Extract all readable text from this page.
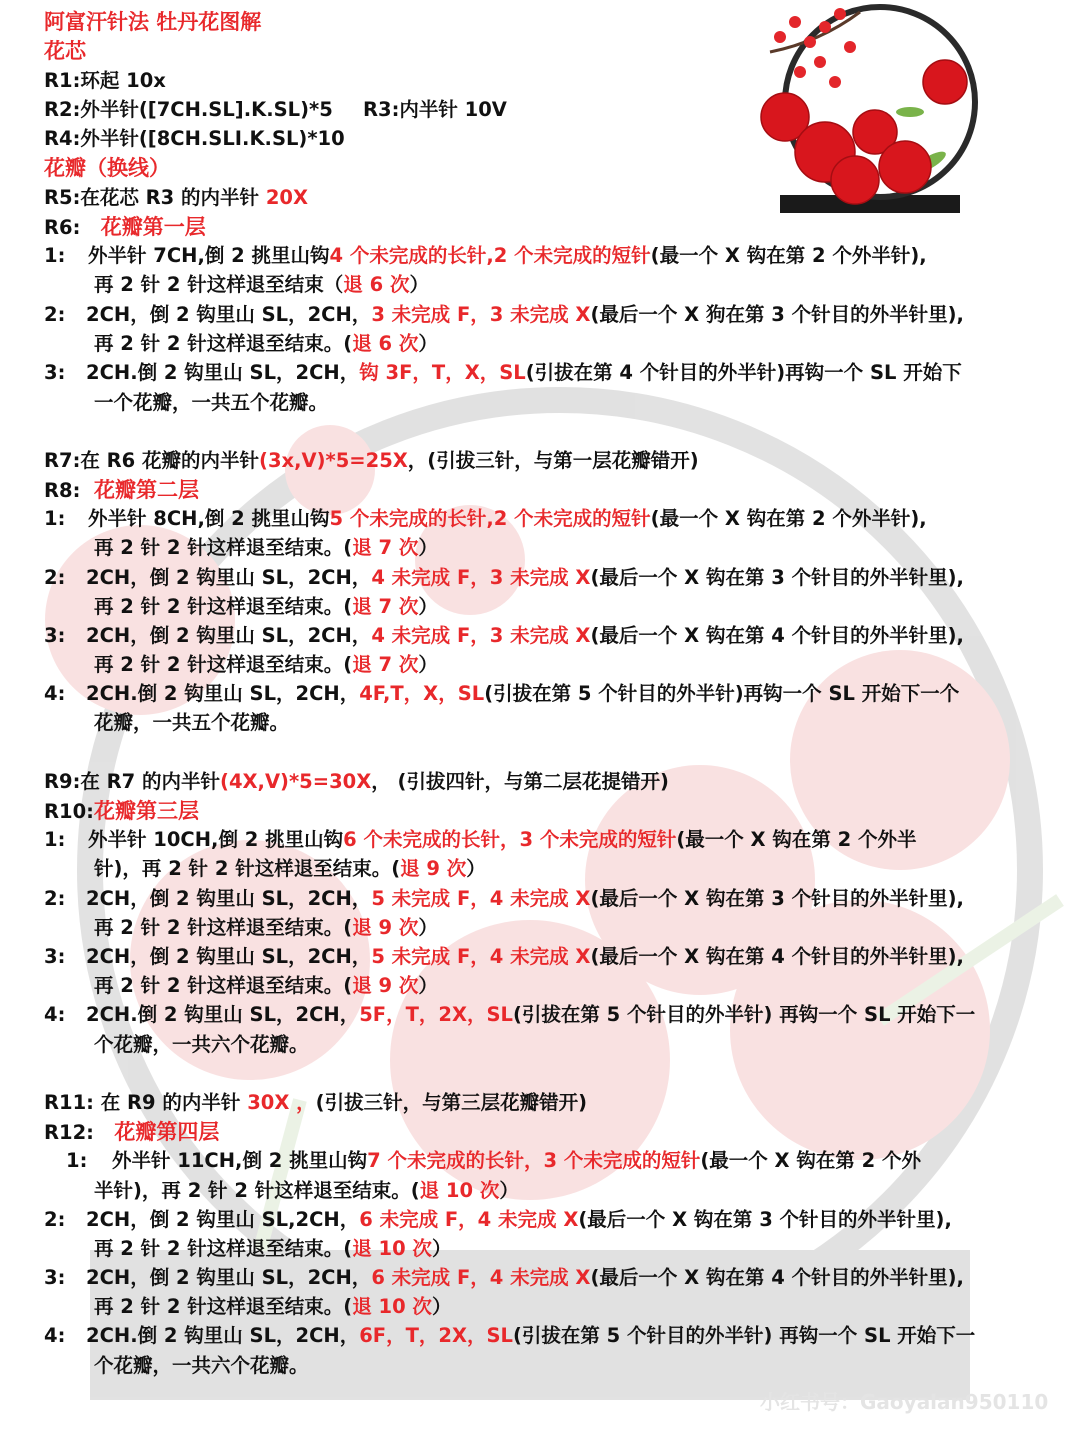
阿富汗针法 牡丹花图解
花芯
R1:环起 10x
R2:外半针([7CH.SL].K.SL)*5 R3:内半针 10V
R4:外半针([8CH.SLI.K.SL)*10
花瓣（换线）
R5:在花芯 R3 的内半针 20X
R6: 花瓣第一层
1: 外半针 7CH,倒 2 挑里山钩4 个未完成的长针,2 个未完成的短针(最一个 X 钩在第 2 个外半针),
再 2 针 2 针这样退至结束（退 6 次）
2: 2CH，倒 2 钩里山 SL，2CH，3 未完成 F，3 未完成 X(最后一个 X 狗在第 3 个针目的外半针里),
再 2 针 2 针这样退至结束。(退 6 次）
3: 2CH.倒 2 钩里山 SL，2CH，钩 3F，T，X，SL(引拔在第 4 个针目的外半针)再钩一个 SL 开始下
一个花瓣，一共五个花瓣。
R7:在 R6 花瓣的内半针(3x,V)*5=25X，(引拔三针，与第一层花瓣错开)
R8: 花瓣第二层
1: 外半针 8CH,倒 2 挑里山钩5 个未完成的长针,2 个未完成的短针(最一个 X 钩在第 2 个外半针),
再 2 针 2 针这样退至结束。(退 7 次）
2: 2CH，倒 2 钩里山 SL，2CH，4 未完成 F，3 未完成 X(最后一个 X 钩在第 3 个针目的外半针里),
再 2 针 2 针这样退至结束。(退 7 次）
3: 2CH，倒 2 钩里山 SL，2CH，4 未完成 F，3 未完成 X(最后一个 X 钩在第 4 个针目的外半针里),
再 2 针 2 针这样退至结束。(退 7 次）
4: 2CH.倒 2 钩里山 SL，2CH，4F,T，X，SL(引拔在第 5 个针目的外半针)再钩一个 SL 开始下一个
花瓣，一共五个花瓣。
R9:在 R7 的内半针(4X,V)*5=30X， (引拔四针，与第二层花提错开)
R10:花瓣第三层
1: 外半针 10CH,倒 2 挑里山钩6 个未完成的长针，3 个未完成的短针(最一个 X 钩在第 2 个外半
针)，再 2 针 2 针这样退至结束。(退 9 次）
2: 2CH，倒 2 钩里山 SL，2CH，5 未完成 F，4 未完成 X(最后一个 X 钩在第 3 个针目的外半针里),
再 2 针 2 针这样退至结束。(退 9 次）
3: 2CH，倒 2 钩里山 SL，2CH，5 未完成 F，4 未完成 X(最后一个 X 钩在第 4 个针目的外半针里),
再 2 针 2 针这样退至结束。(退 9 次）
4: 2CH.倒 2 钩里山 SL，2CH，5F，T，2X，SL(引拔在第 5 个针目的外半针) 再钩一个 SL 开始下一
个花瓣，一共六个花瓣。
R11: 在 R9 的内半针 30X ，(引拔三针，与第三层花瓣错开)
R12: 花瓣第四层
1: 外半针 11CH,倒 2 挑里山钩7 个未完成的长针，3 个未完成的短针(最一个 X 钩在第 2 个外
半针)，再 2 针 2 针这样退至结束。(退 10 次）
2: 2CH，倒 2 钩里山 SL,2CH，6 未完成 F，4 未完成 X(最后一个 X 钩在第 3 个针目的外半针里),
再 2 针 2 针这样退至结束。(退 10 次）
3: 2CH，倒 2 钩里山 SL，2CH，6 未完成 F，4 未完成 X(最后一个 X 钩在第 4 个针目的外半针里),
再 2 针 2 针这样退至结束。(退 10 次）
4: 2CH.倒 2 钩里山 SL，2CH，6F，T，2X，SL(引拔在第 5 个针目的外半针) 再钩一个 SL 开始下一
个花瓣，一共六个花瓣。
小红书号：Gaoyalan950110
